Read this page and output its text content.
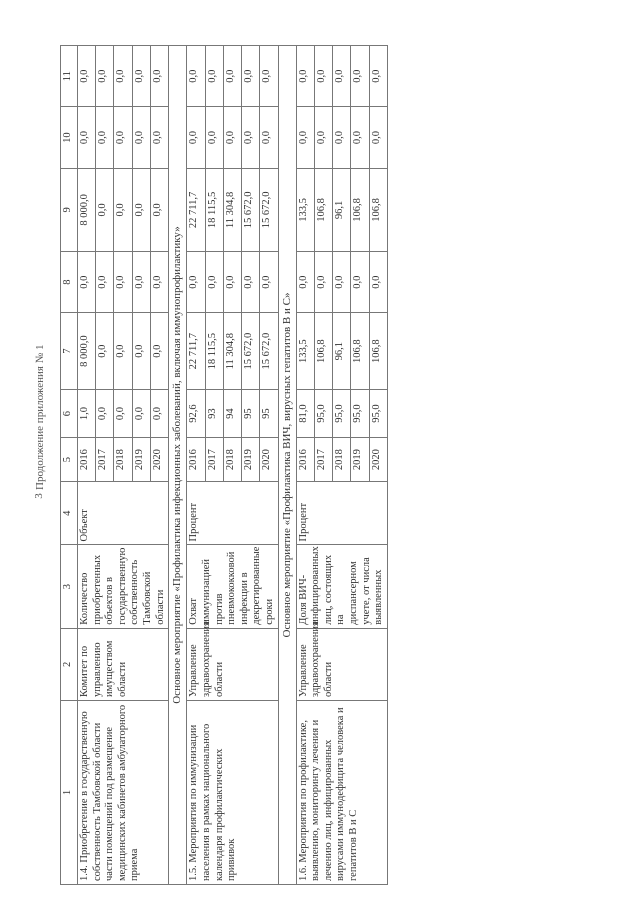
Продолжение приложения № 1
3
1	2	3	4	5	6	7	8	9	10	11
1.4. Приобретение в государственную собственность Тамбовской области части помещений под размещение медицинских кабинетов амбулаторного приема	Комитет по управлению имуществом области	Количество приобретенных объектов в государственную собственность Тамбовской области	Объект	2016	1,0	8 000,0	0,0	8 000,0	0,0	0,0
				2017	0,0	0,0	0,0	0,0	0,0	0,0
				2018	0,0	0,0	0,0	0,0	0,0	0,0
				2019	0,0	0,0	0,0	0,0	0,0	0,0
				2020	0,0	0,0	0,0	0,0	0,0	0,0
Основное мероприятие «Профилактика инфекционных заболеваний, включая иммунопрофилактику»										
1.5. Мероприятия по иммунизации населения в рамках национального календаря профилактических прививок	Управление здравоохранения области	Охват иммунизацией против пневмококковой инфекции в декретированные сроки	Процент	2016	92,6	22 711,7	0,0	22 711,7	0,0	0,0
				2017	93	18 115,5	0,0	18 115,5	0,0	0,0
				2018	94	11 304,8	0,0	11 304,8	0,0	0,0
				2019	95	15 672,0	0,0	15 672,0	0,0	0,0
				2020	95	15 672,0	0,0	15 672,0	0,0	0,0
Основное мероприятие «Профилактика ВИЧ, вирусных гепатитов В и С»										
1.6. Мероприятия по профилактике, выявлению, мониторингу лечения и лечению лиц, инфицированных вирусами иммунодефицита человека и гепатитов В и С	Управление здравоохранения области	Доля ВИЧ-инфицированных лиц, состоящих на диспансерном учете, от числа выявленных	Процент	2016	81,0	133,5	0,0	133,5	0,0	0,0
				2017	95,0	106,8	0,0	106,8	0,0	0,0
				2018	95,0	96,1	0,0	96,1	0,0	0,0
				2019	95,0	106,8	0,0	106,8	0,0	0,0
				2020	95,0	106,8	0,0	106,8	0,0	0,0
